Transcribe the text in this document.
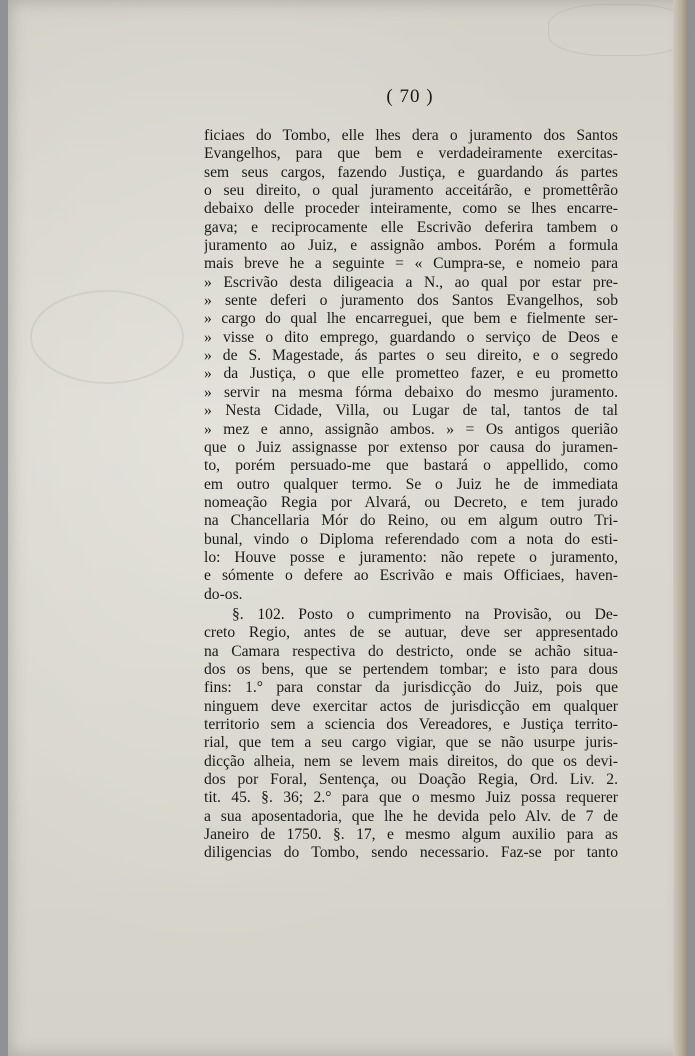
( 70 )
ficiaes do Tombo, elle lhes dera o juramento dos Santos
Evangelhos, para que bem e verdadeiramente exercitas-
sem seus cargos, fazendo Justiça, e guardando ás partes
o seu direito, o qual juramento acceitárão, e promettêrão
debaixo delle proceder inteiramente, como se lhes encarre-
gava; e reciprocamente elle Escrivão deferira tambem o
juramento ao Juiz, e assignão ambos. Porém a formula
mais breve he a seguinte = « Cumpra-se, e nomeio para
» Escrivão desta diligeacia a N., ao qual por estar pre-
» sente deferi o juramento dos Santos Evangelhos, sob
» cargo do qual lhe encarreguei, que bem e fielmente ser-
» visse o dito emprego, guardando o serviço de Deos e
» de S. Magestade, ás partes o seu direito, e o segredo
» da Justiça, o que elle prometteo fazer, e eu prometto
» servir na mesma fórma debaixo do mesmo juramento.
» Nesta Cidade, Villa, ou Lugar de tal, tantos de tal
» mez e anno, assignão ambos. » = Os antigos querião
que o Juiz assignasse por extenso por causa do juramen-
to, porém persuado-me que bastará o appellido, como
em outro qualquer termo. Se o Juiz he de immediata
nomeação Regia por Alvará, ou Decreto, e tem jurado
na Chancellaria Mór do Reino, ou em algum outro Tri-
bunal, vindo o Diploma referendado com a nota do esti-
lo: Houve posse e juramento: não repete o juramento,
e sómente o defere ao Escrivão e mais Officiaes, haven-
do-os.
§. 102. Posto o cumprimento na Provisão, ou De-
creto Regio, antes de se autuar, deve ser appresentado
na Camara respectiva do destricto, onde se achão situa-
dos os bens, que se pertendem tombar; e isto para dous
fins: 1.° para constar da jurisdicção do Juiz, pois que
ninguem deve exercitar actos de jurisdicção em qualquer
territorio sem a sciencia dos Vereadores, e Justiça territo-
rial, que tem a seu cargo vigiar, que se não usurpe juris-
dicção alheia, nem se levem mais direitos, do que os devi-
dos por Foral, Sentença, ou Doação Regia, Ord. Liv. 2.
tit. 45. §. 36; 2.° para que o mesmo Juiz possa requerer
a sua aposentadoria, que lhe he devida pelo Alv. de 7 de
Janeiro de 1750. §. 17, e mesmo algum auxilio para as
diligencias do Tombo, sendo necessario. Faz-se por tanto
